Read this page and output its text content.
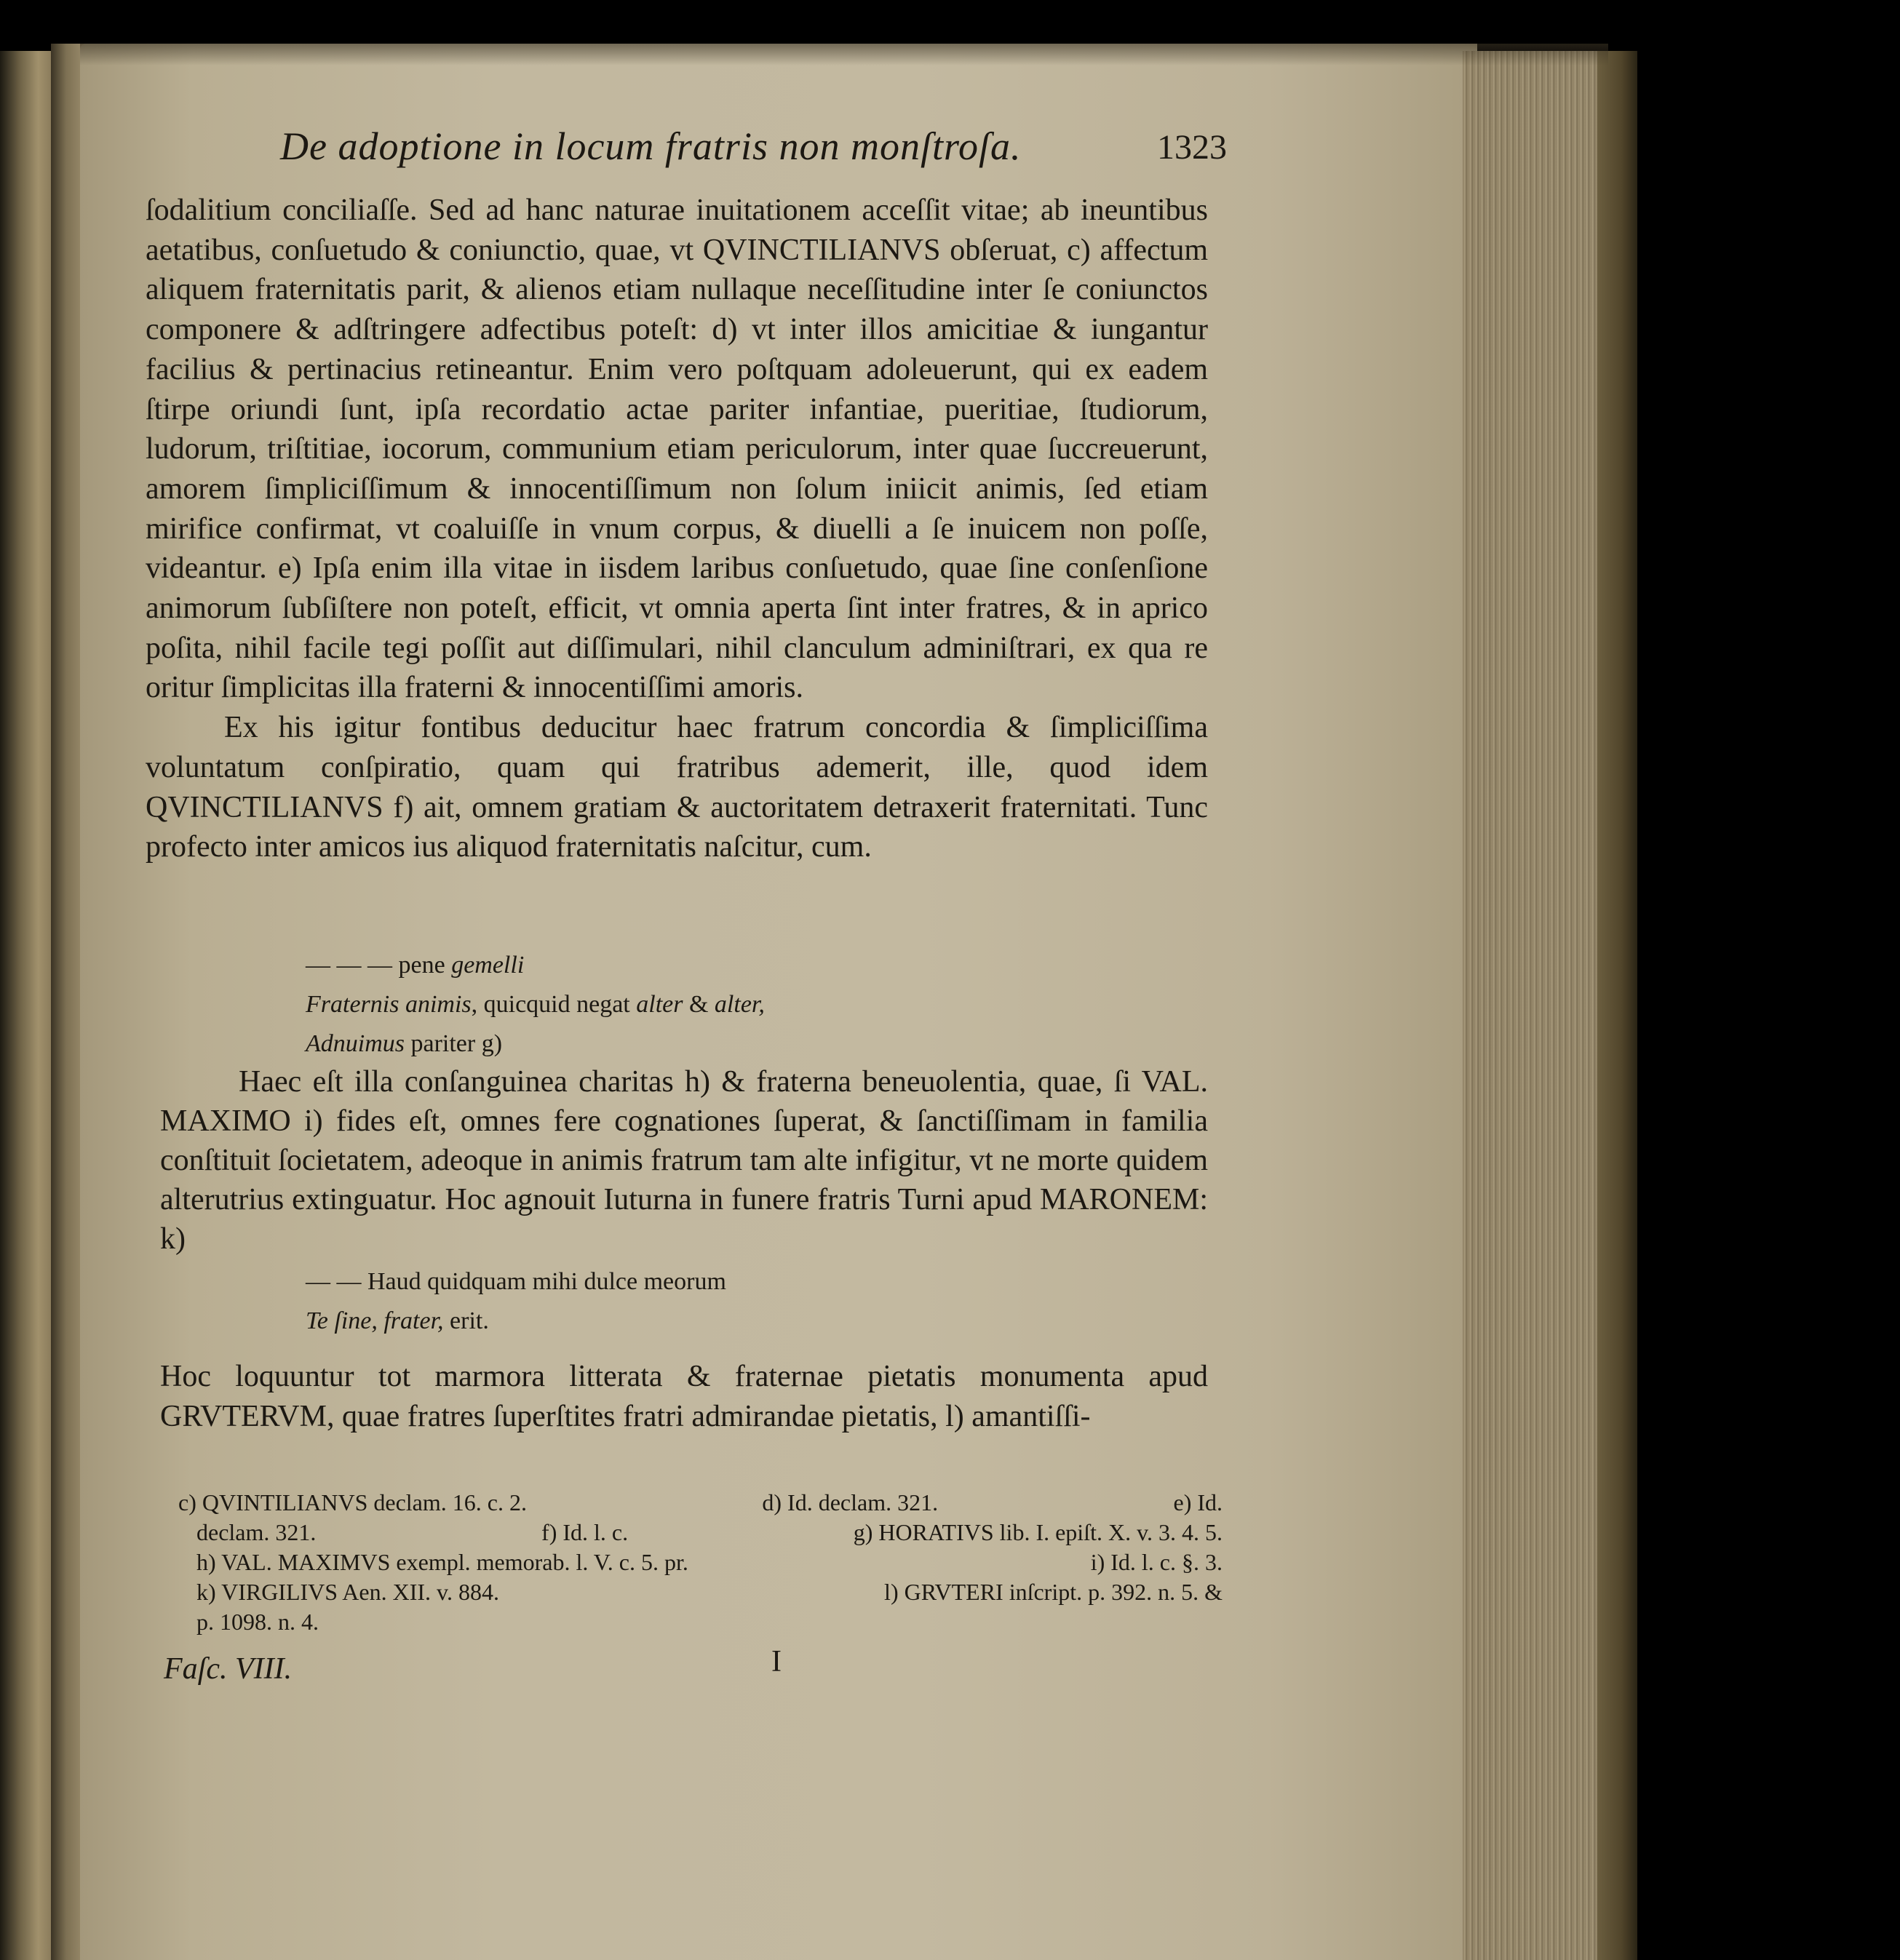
De adoptione in locum fratris non monſtroſa.	1323

ſodalitium conciliaſſe. Sed ad hanc naturae inuitationem acceſſit vitae; ab ineuntibus aetatibus, conſuetudo & coniunctio, quae, vt QVINCTILIANVS obſeruat, c) affectum aliquem fraternitatis parit, & alienos etiam nullaque neceſſitudine inter ſe coniunctos componere & adſtringere adfectibus poteſt: d) vt inter illos amicitiae & iungantur facilius & pertinacius retineantur. Enim vero poſtquam adoleuerunt, qui ex eadem ſtirpe oriundi ſunt, ipſa recordatio actae pariter infantiae, pueritiae, ſtudiorum, ludorum, triſtitiae, iocorum, communium etiam periculorum, inter quae ſuccreuerunt, amorem ſimpliciſſimum & innocentiſſimum non ſolum iniicit animis, ſed etiam mirifice confirmat, vt coaluiſſe in vnum corpus, & diuelli a ſe inuicem non poſſe, videantur. e) Ipſa enim illa vitae in iisdem laribus conſuetudo, quae ſine conſenſione animorum ſubſiſtere non poteſt, efficit, vt omnia aperta ſint inter fratres, & in aprico poſita, nihil facile tegi poſſit aut diſſimulari, nihil clanculum adminiſtrari, ex qua re oritur ſimplicitas illa fraterni & innocentiſſimi amoris.

Ex his igitur fontibus deducitur haec fratrum concordia & ſimpliciſſima voluntatum conſpiratio, quam qui fratribus ademerit, ille, quod idem QVINCTILIANVS f) ait, omnem gratiam & auctoritatem detraxerit fraternitati. Tunc profecto inter amicos ius aliquod fraternitatis naſcitur, cum.

— — — pene gemelli
Fraternis animis, quicquid negat alter & alter,
Adnuimus pariter g)

Haec eſt illa conſanguinea charitas h) & fraterna beneuolentia, quae, ſi VAL. MAXIMO i) fides eſt, omnes fere cognationes ſuperat, & ſanctiſſimam in familia conſtituit ſocietatem, adeoque in animis fratrum tam alte infigitur, vt ne morte quidem alterutrius extinguatur. Hoc agnouit Iuturna in funere fratris Turni apud MARONEM: k)

— — Haud quidquam mihi dulce meorum
Te ſine, frater, erit.

Hoc loquuntur tot marmora litterata & fraternae pietatis monumenta apud GRVTERVM, quae fratres ſuperſtites fratri admirandae pietatis, l) amantiſſi-

c) QVINTILIANVS declam. 16. c. 2.	d) Id. declam. 321.	e) Id.
declam. 321.	f) Id. l. c.	g) HORATIVS lib. I. epiſt. X. v. 3. 4. 5.
h) VAL. MAXIMVS exempl. memorab. l. V. c. 5. pr.	i) Id. l. c. §. 3.
k) VIRGILIVS Aen. XII. v. 884.	l) GRVTERI inſcript. p. 392. n. 5. &
p. 1098. n. 4.
Faſc. VIII.	I
